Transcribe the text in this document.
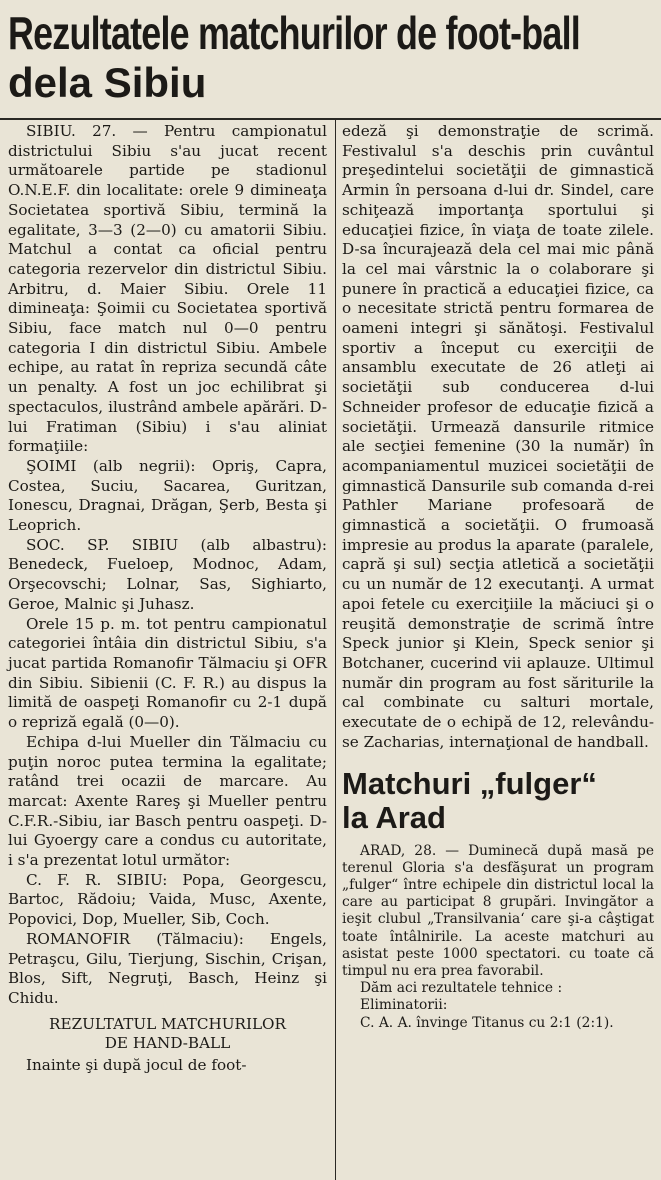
Rezultatele matchurilor de foot-ball
dela Sibiu

SIBIU. 27. — Pentru campionatul districtului Sibiu s'au jucat recent următoarele partide pe stadionul O.N.E.F. din localitate: orele 9 dimineaţa Societatea sportivă Sibiu, termină la egalitate, 3—3 (2—0) cu amatorii Sibiu. Matchul a contat ca oficial pentru categoria rezervelor din districtul Sibiu. Arbitru, d. Maier Sibiu. Orele 11 dimineaţa: Şoimii cu Societatea sportivă Sibiu, face match nul 0—0 pentru categoria I din districtul Sibiu. Ambele echipe, au ratat în repriza secundă câte un penalty. A fost un joc echilibrat şi spectaculos, ilustrând ambele apărări. D-lui Fratiman (Sibiu) i s'au aliniat formaţiile:

ŞOIMI (alb negrii): Opriş, Capra, Costea, Suciu, Sacarea, Guritzan, Ionescu, Dragnai, Drăgan, Şerb, Besta şi Leoprich.

SOC. SP. SIBIU (alb albastru): Benedeck, Fueloep, Modnoc, Adam, Orşecovschi; Lolnar, Sas, Sighiarto, Geroe, Malnic şi Juhasz.

Orele 15 p. m. tot pentru campionatul categoriei întâia din districtul Sibiu, s'a jucat partida Romanofir Tălmaciu şi OFR din Sibiu. Sibienii (C. F. R.) au dispus la limită de oaspeţi Romanofir cu 2-1 după o repriză egală (0—0).

Echipa d-lui Mueller din Tălmaciu cu puţin noroc putea termina la egalitate; ratând trei ocazii de marcare. Au marcat: Axente Rareş şi Mueller pentru C.F.R.-Sibiu, iar Basch pentru oaspeţi. D-lui Gyoergy care a condus cu autoritate, i s'a prezentat lotul următor:

C. F. R. SIBIU: Popa, Georgescu, Bartoc, Rădoiu; Vaida, Musc, Axente, Popovici, Dop, Mueller, Sib, Coch.

ROMANOFIR (Tălmaciu): Engels, Petraşcu, Gilu, Tierjung, Sischin, Crişan, Blos, Sift, Negruţi, Basch, Heinz şi Chidu.

REZULTATUL MATCHURILOR
DE HAND-BALL

Inainte şi după jocul de foot-

edeză şi demonstraţie de scrimă. Festivalul s'a deschis prin cuvântul preşedintelui societăţii de gimnastică Armin în persoana d-lui dr. Sindel, care schiţează importanţa sportului şi educaţiei fizice, în viaţa de toate zilele. D-sa încurajează dela cel mai mic până la cel mai vârstnic la o colaborare şi punere în practică a educaţiei fizice, ca o necesitate strictă pentru formarea de oameni integri şi sănătoşi. Festivalul sportiv a început cu exerciţii de ansamblu executate de 26 atleţi ai societăţii sub conducerea d-lui Schneider profesor de educaţie fizică a societăţii. Urmează dansurile ritmice ale secţiei femenine (30 la număr) în acompaniamentul muzicei societăţii de gimnastică Dansurile sub comanda d-rei Pathler Mariane profesoară de gimnastică a societăţii. O frumoasă impresie au produs la aparate (paralele, capră şi sul) secţia atletică a societăţii cu un număr de 12 executanţi. A urmat apoi fetele cu exerciţiile la măciuci şi o reuşită demonstraţie de scrimă între Speck junior şi Klein, Speck senior şi Botchaner, cucerind vii aplauze. Ultimul număr din program au fost săriturile la cal combinate cu salturi mortale, executate de o echipă de 12, relevându-se Zacharias, internaţional de handball.

Matchuri „fulger“
la Arad

ARAD, 28. — Duminecă după masă pe terenul Gloria s'a desfăşurat un program „fulger“ între echipele din districtul local la care au participat 8 grupări. Invingător a ieşit clubul „Transilvania‘ care şi-a câştigat toate întâlnirile. La aceste matchuri au asistat peste 1000 spectatori. cu toate că timpul nu era prea favorabil.

Dăm aci rezultatele tehnice :

Eliminatorii:

C. A. A. învinge Titanus cu 2:1 (2:1).
